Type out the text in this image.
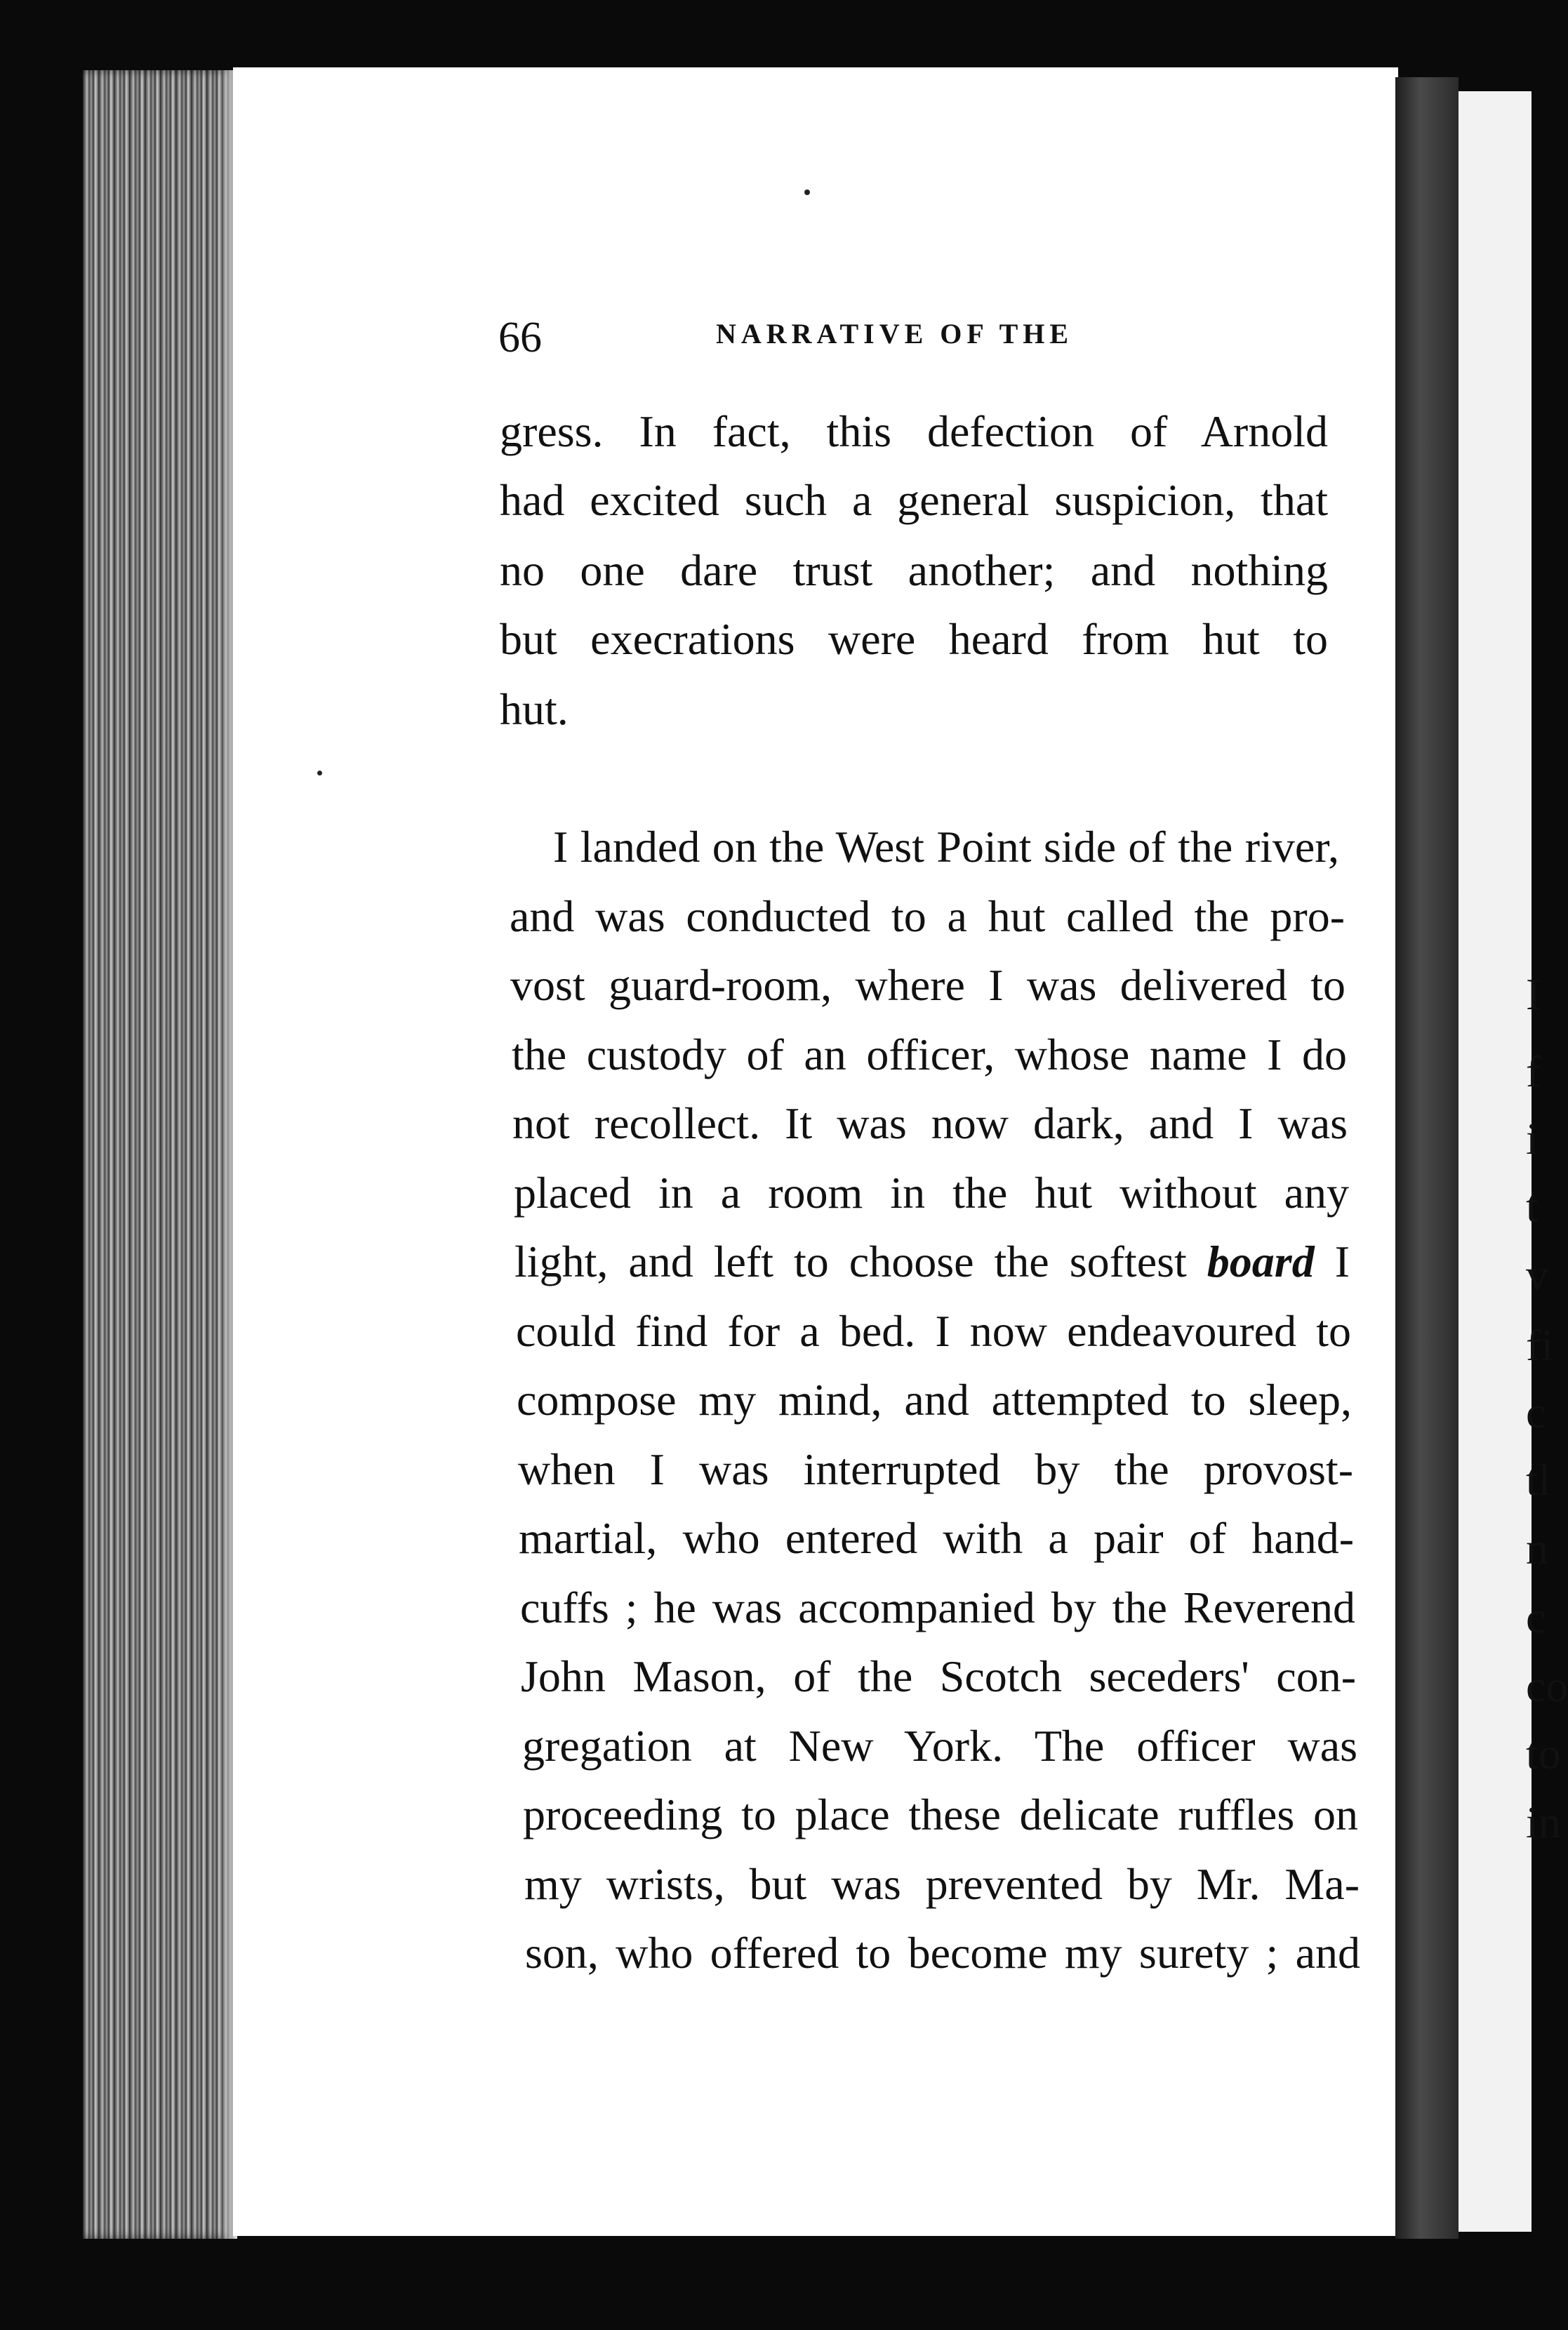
I
f
i
t
v
fi
c
tl
n
c
co
to
in
66	NARRATIVE OF THE
gress. In fact, this defection of Arnold
had excited such a general suspicion, that
no one dare trust another; and nothing
but execrations were heard from hut to
hut.
I landed on the West Point side of the river,
and was conducted to a hut called the pro-
vost guard-room, where I was delivered to
the custody of an officer, whose name I do
not recollect. It was now dark, and I was
placed in a room in the hut without any
light, and left to choose the softest board I
could find for a bed. I now endeavoured to
compose my mind, and attempted to sleep,
when I was interrupted by the provost-
martial, who entered with a pair of hand-
cuffs ; he was accompanied by the Reverend
John Mason, of the Scotch seceders' con-
gregation at New York. The officer was
proceeding to place these delicate ruffles on
my wrists, but was prevented by Mr. Ma-
son, who offered to become my surety ; and
